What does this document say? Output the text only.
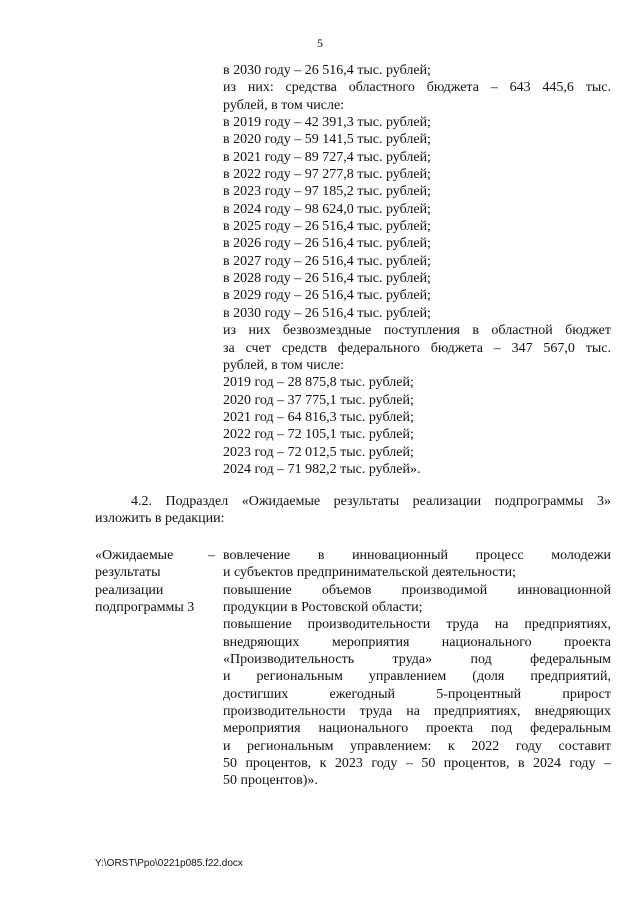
5
в 2030 году – 26 516,4 тыс. рублей;
из них: средства областного бюджета – 643 445,6 тыс.
рублей, в том числе:
в 2019 году – 42 391,3 тыс. рублей;
в 2020 году – 59 141,5 тыс. рублей;
в 2021 году – 89 727,4 тыс. рублей;
в 2022 году – 97 277,8 тыс. рублей;
в 2023 году – 97 185,2 тыс. рублей;
в 2024 году – 98 624,0 тыс. рублей;
в 2025 году – 26 516,4 тыс. рублей;
в 2026 году – 26 516,4 тыс. рублей;
в 2027 году – 26 516,4 тыс. рублей;
в 2028 году – 26 516,4 тыс. рублей;
в 2029 году – 26 516,4 тыс. рублей;
в 2030 году – 26 516,4 тыс. рублей;
из них безвозмездные поступления в областной бюджет
за счет средств федерального бюджета – 347 567,0 тыс.
рублей, в том числе:
2019 год – 28 875,8 тыс. рублей;
2020 год – 37 775,1 тыс. рублей;
2021 год – 64 816,3 тыс. рублей;
2022 год – 72 105,1 тыс. рублей;
2023 год – 72 012,5 тыс. рублей;
2024 год – 71 982,2 тыс. рублей».
4.2. Подраздел «Ожидаемые результаты реализации подпрограммы 3»
изложить в редакции:
«Ожидаемые
результаты
реализации
подпрограммы 3
– вовлечение в инновационный процесс молодежи
и субъектов предпринимательской деятельности;
повышение объемов производимой инновационной
продукции в Ростовской области;
повышение производительности труда на предприятиях,
внедряющих мероприятия национального проекта
«Производительность труда» под федеральным
и региональным управлением (доля предприятий,
достигших ежегодный 5-процентный прирост
производительности труда на предприятиях, внедряющих
мероприятия национального проекта под федеральным
и региональным управлением: к 2022 году составит
50 процентов, к 2023 году – 50 процентов, в 2024 году –
50 процентов)».
Y:\ORST\Ppo\0221p085.f22.docx
